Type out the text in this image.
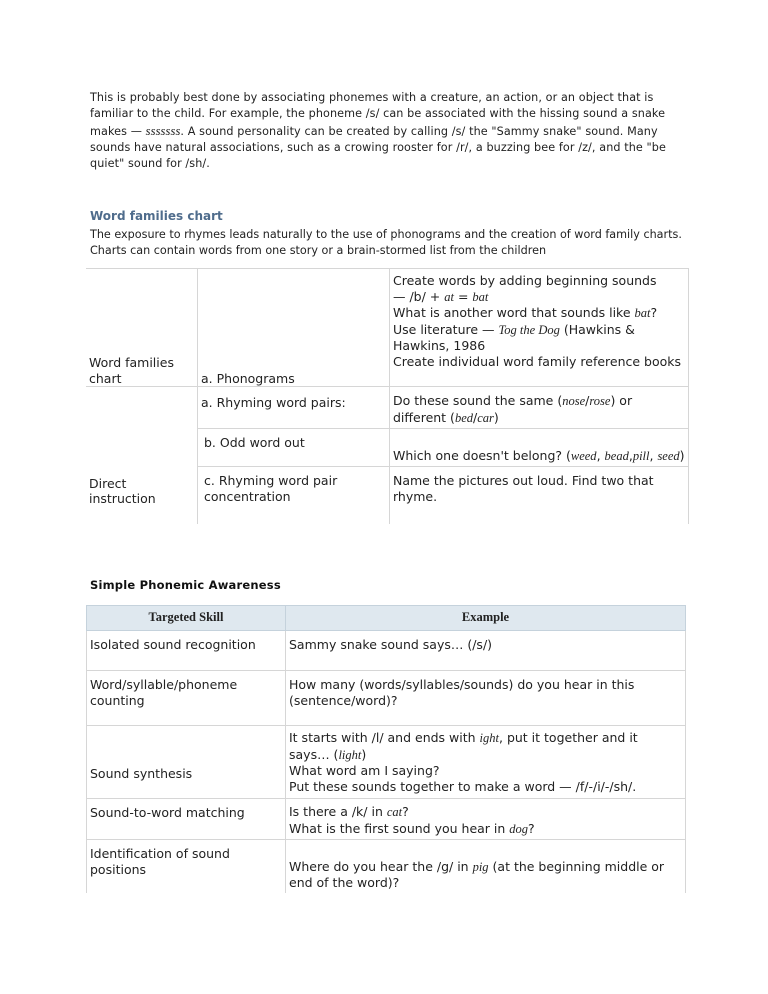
This is probably best done by associating phonemes with a creature, an action, or an object that is familiar to the child. For example, the phoneme /s/ can be associated with the hissing sound a snake makes — sssssss. A sound personality can be created by calling /s/ the "Sammy snake" sound. Many sounds have natural associations, such as a crowing rooster for /r/, a buzzing bee for /z/, and the "be quiet" sound for /sh/.

Word families chart
The exposure to rhymes leads naturally to the use of phonograms and the creation of word family charts. Charts can contain words from one story or a brain-stormed list from the children
Word families chart	a. Phonograms	Create words by adding beginning sounds
— /b/ + at = bat
What is another word that sounds like bat?
Use literature — Tog the Dog (Hawkins & Hawkins, 1986
Create individual word family reference books

Direct instruction	a. Rhyming word pairs:	Do these sound the same (nose/rose) or different (bed/car)
	b. Odd word out	Which one doesn't belong? (weed, bead,pill, seed)

	c. Rhyming word pair concentration	Name the pictures out loud. Find two that rhyme.
Simple Phonemic Awareness
Targeted Skill	Example
Isolated sound recognition	Sammy snake sound says… (/s/)
Word/syllable/phoneme counting	How many (words/syllables/sounds) do you hear in this (sentence/word)?
Sound synthesis	It starts with /l/ and ends with ight, put it together and it says… (light)
What word am I saying?
Put these sounds together to make a word — /f/-/i/-/sh/.

Sound-to-word matching	Is there a /k/ in cat?
What is the first sound you hear in dog?

Identification of sound positions	Where do you hear the /g/ in pig (at the beginning middle or end of the word)?
